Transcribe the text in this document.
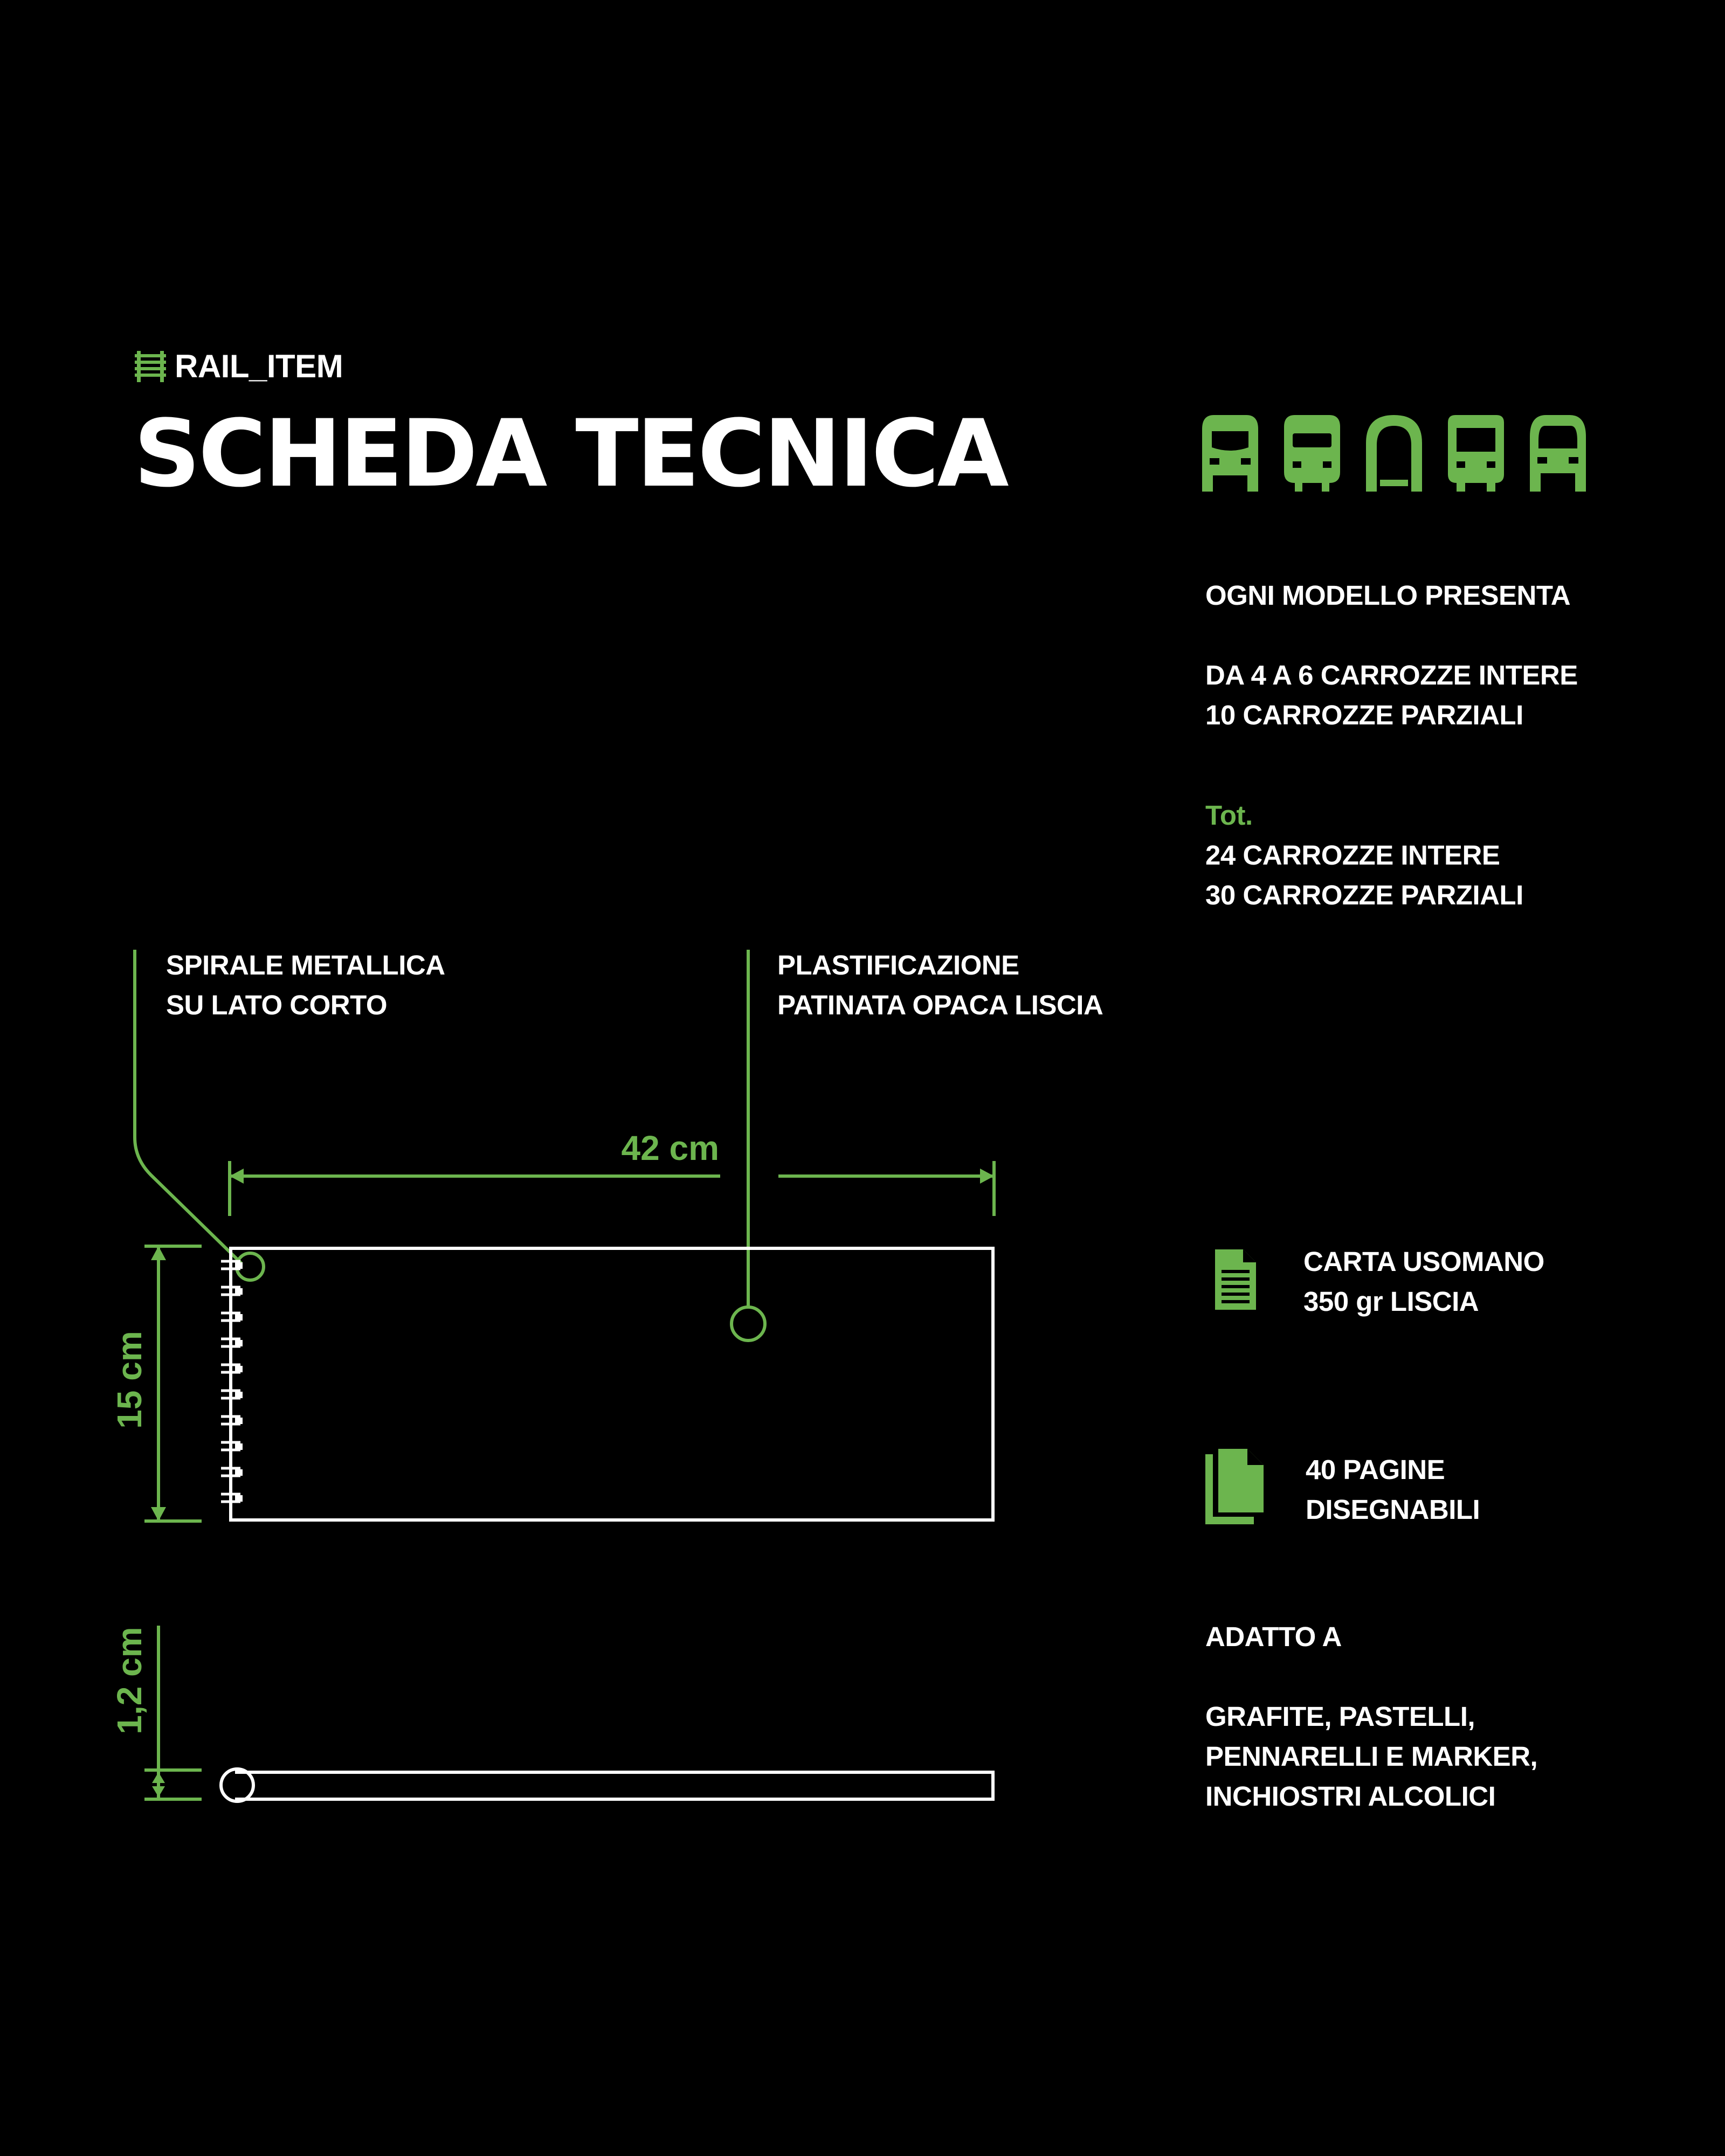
42 cm
15 cm
1,2 cm
RAIL_ITEM
SCHEDA TECNICA
OGNI MODELLO PRESENTA
DA 4 A 6 CARROZZE INTERE
10 CARROZZE PARZIALI
Tot.
24 CARROZZE INTERE
30 CARROZZE PARZIALI
SPIRALE METALLICA
SU LATO CORTO
PLASTIFICAZIONE
PATINATA OPACA LISCIA
CARTA USOMANO
350 gr LISCIA
40 PAGINE
DISEGNABILI
ADATTO A
GRAFITE, PASTELLI,
PENNARELLI E MARKER,
INCHIOSTRI ALCOLICI
